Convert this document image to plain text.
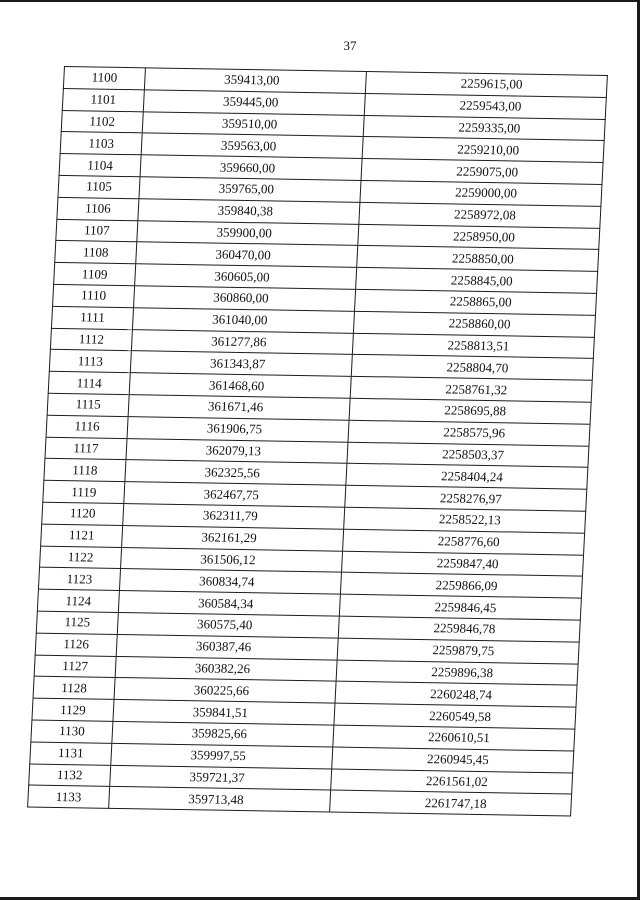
37
1100	359413,00	2259615,00
1101	359445,00	2259543,00
1102	359510,00	2259335,00
1103	359563,00	2259210,00
1104	359660,00	2259075,00
1105	359765,00	2259000,00
1106	359840,38	2258972,08
1107	359900,00	2258950,00
1108	360470,00	2258850,00
1109	360605,00	2258845,00
1110	360860,00	2258865,00
1111	361040,00	2258860,00
1112	361277,86	2258813,51
1113	361343,87	2258804,70
1114	361468,60	2258761,32
1115	361671,46	2258695,88
1116	361906,75	2258575,96
1117	362079,13	2258503,37
1118	362325,56	2258404,24
1119	362467,75	2258276,97
1120	362311,79	2258522,13
1121	362161,29	2258776,60
1122	361506,12	2259847,40
1123	360834,74	2259866,09
1124	360584,34	2259846,45
1125	360575,40	2259846,78
1126	360387,46	2259879,75
1127	360382,26	2259896,38
1128	360225,66	2260248,74
1129	359841,51	2260549,58
1130	359825,66	2260610,51
1131	359997,55	2260945,45
1132	359721,37	2261561,02
1133	359713,48	2261747,18
